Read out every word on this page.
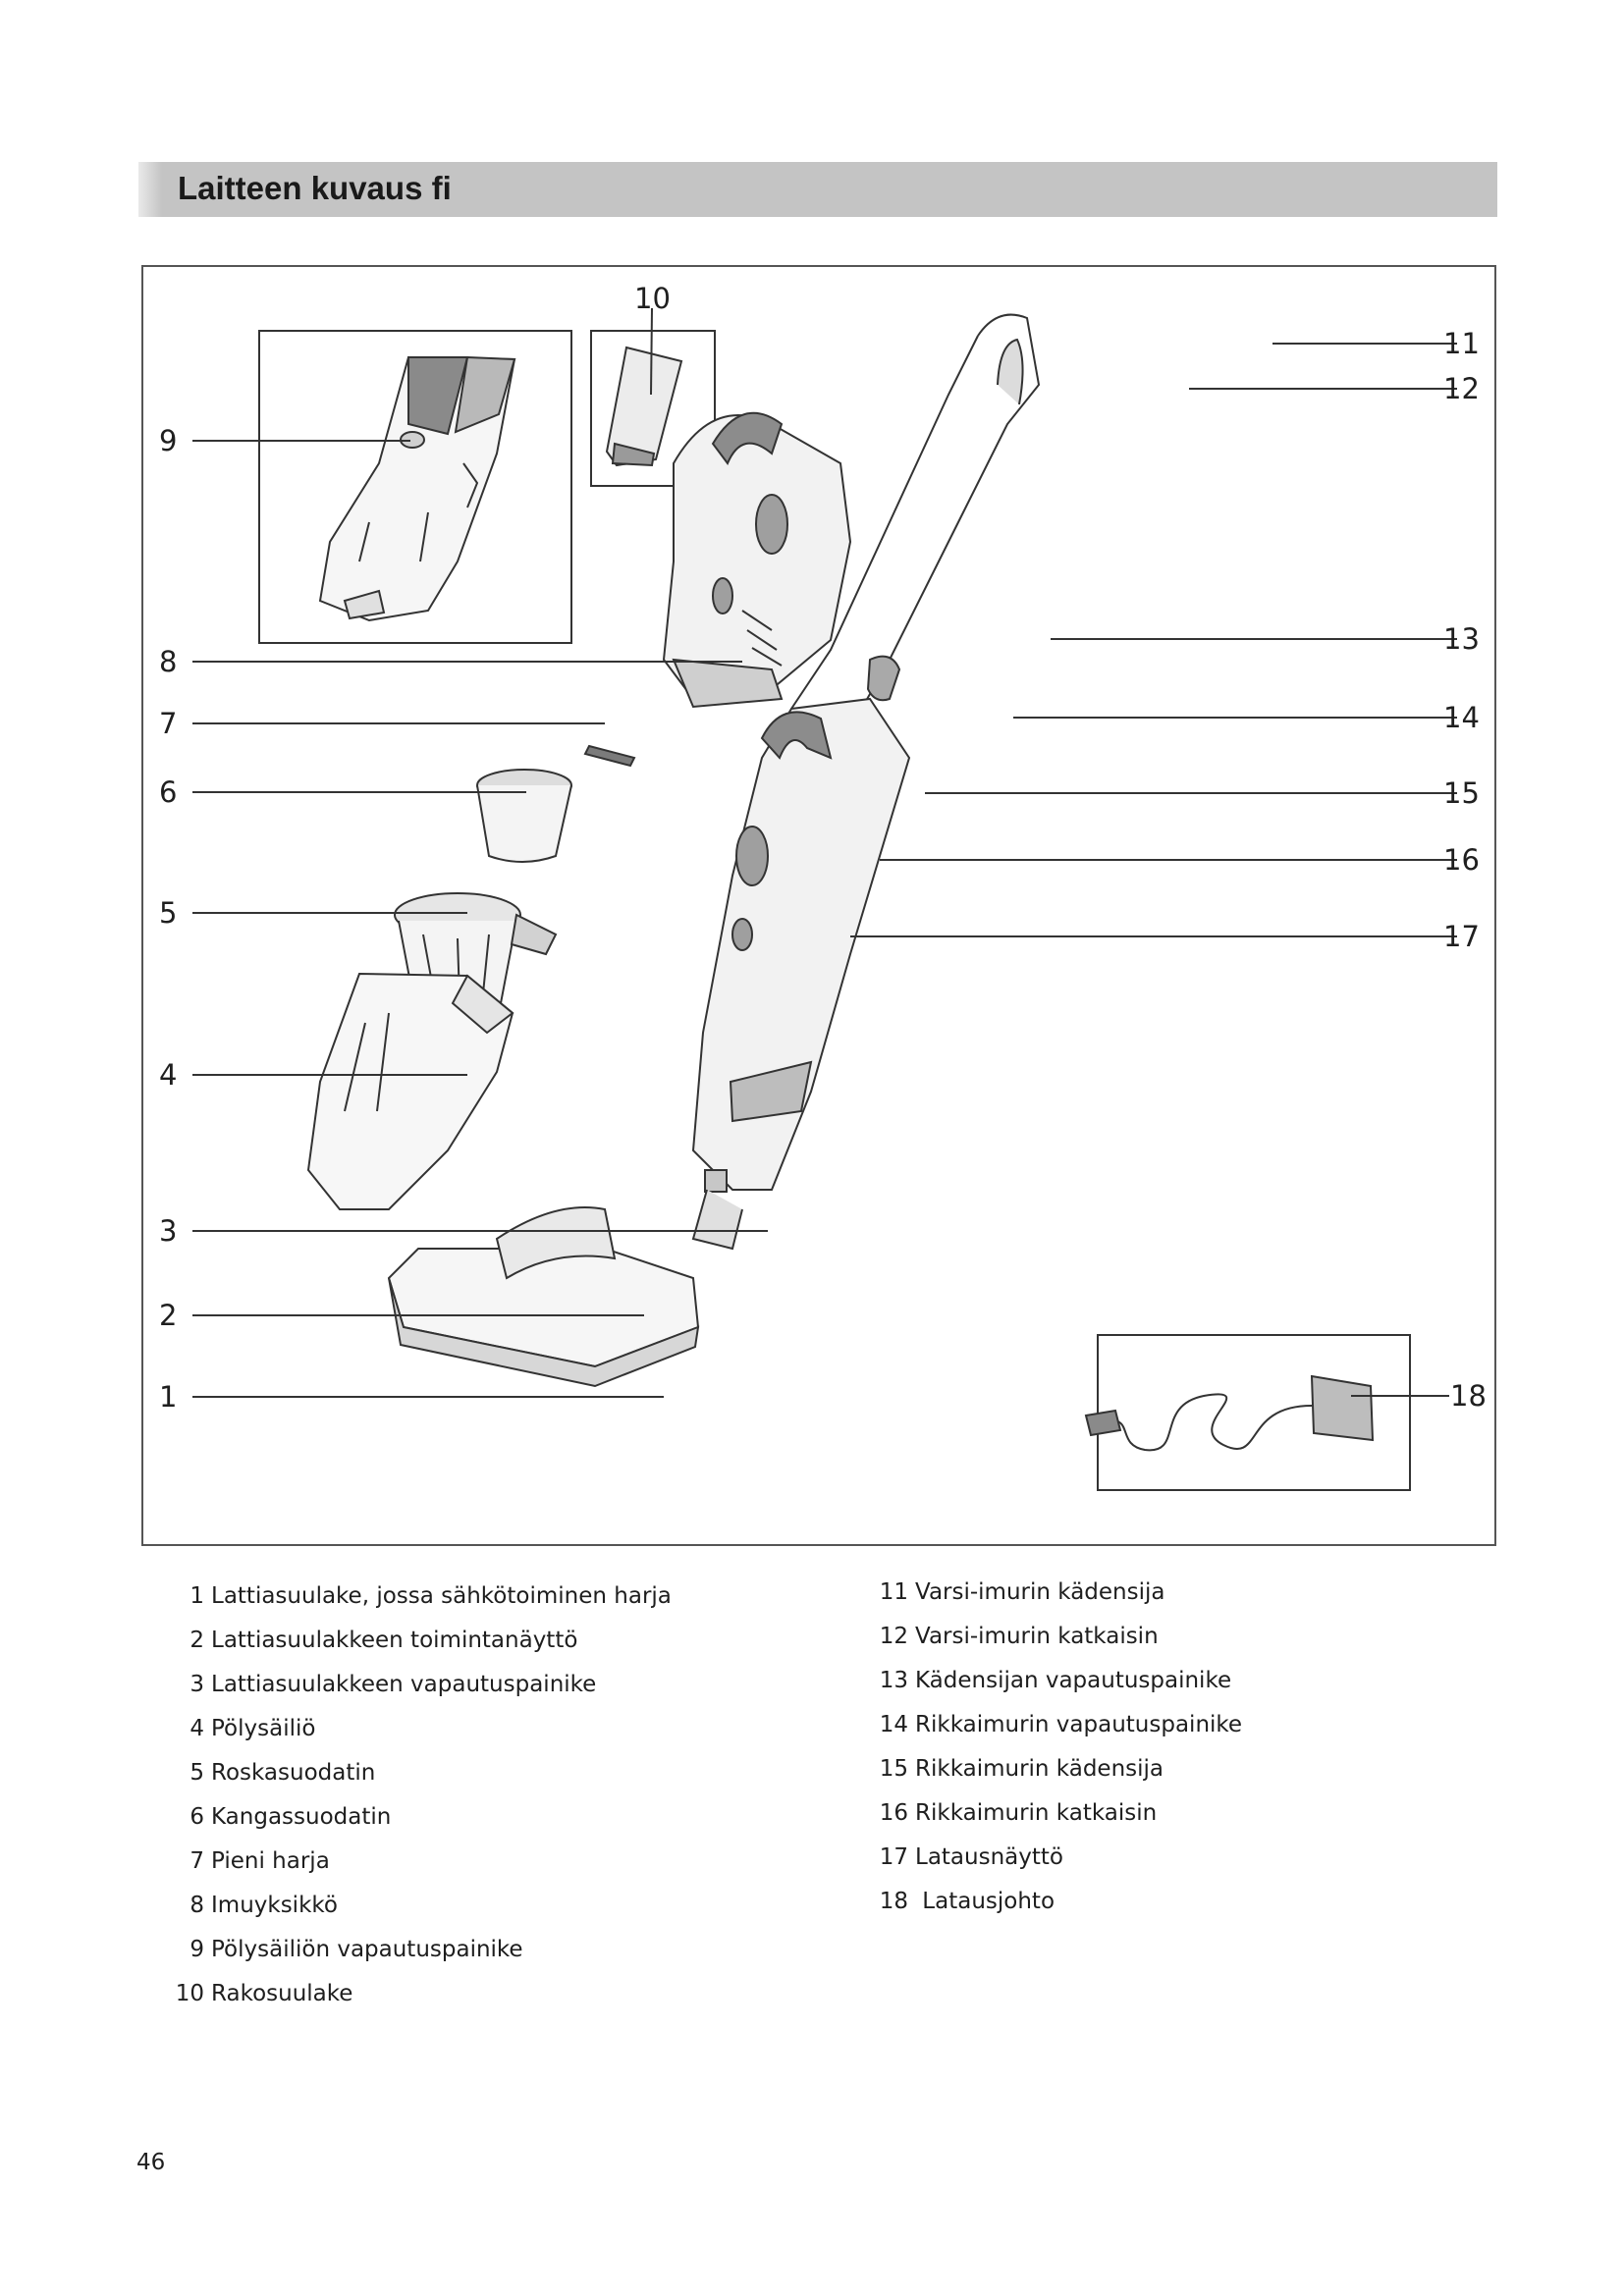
Laitteen kuvaus fi
9
10
8
7
6
5
4
3
2
1
11
12
13
14
15
16
17
18
1 Lattiasuulake, jossa sähkötoiminen harja
2 Lattiasuulakkeen toimintanäyttö
3 Lattiasuulakkeen vapautuspainike
4 Pölysäiliö
5 Roskasuodatin
6 Kangassuodatin
7 Pieni harja
8 Imuyksikkö
9 Pölysäiliön vapautuspainike
10 Rakosuulake
11 Varsi-imurin kädensija
12 Varsi-imurin katkaisin
13 Kädensijan vapautuspainike
14 Rikkaimurin vapautuspainike
15 Rikkaimurin kädensija
16 Rikkaimurin katkaisin
17 Latausnäyttö
18 Latausjohto
46
